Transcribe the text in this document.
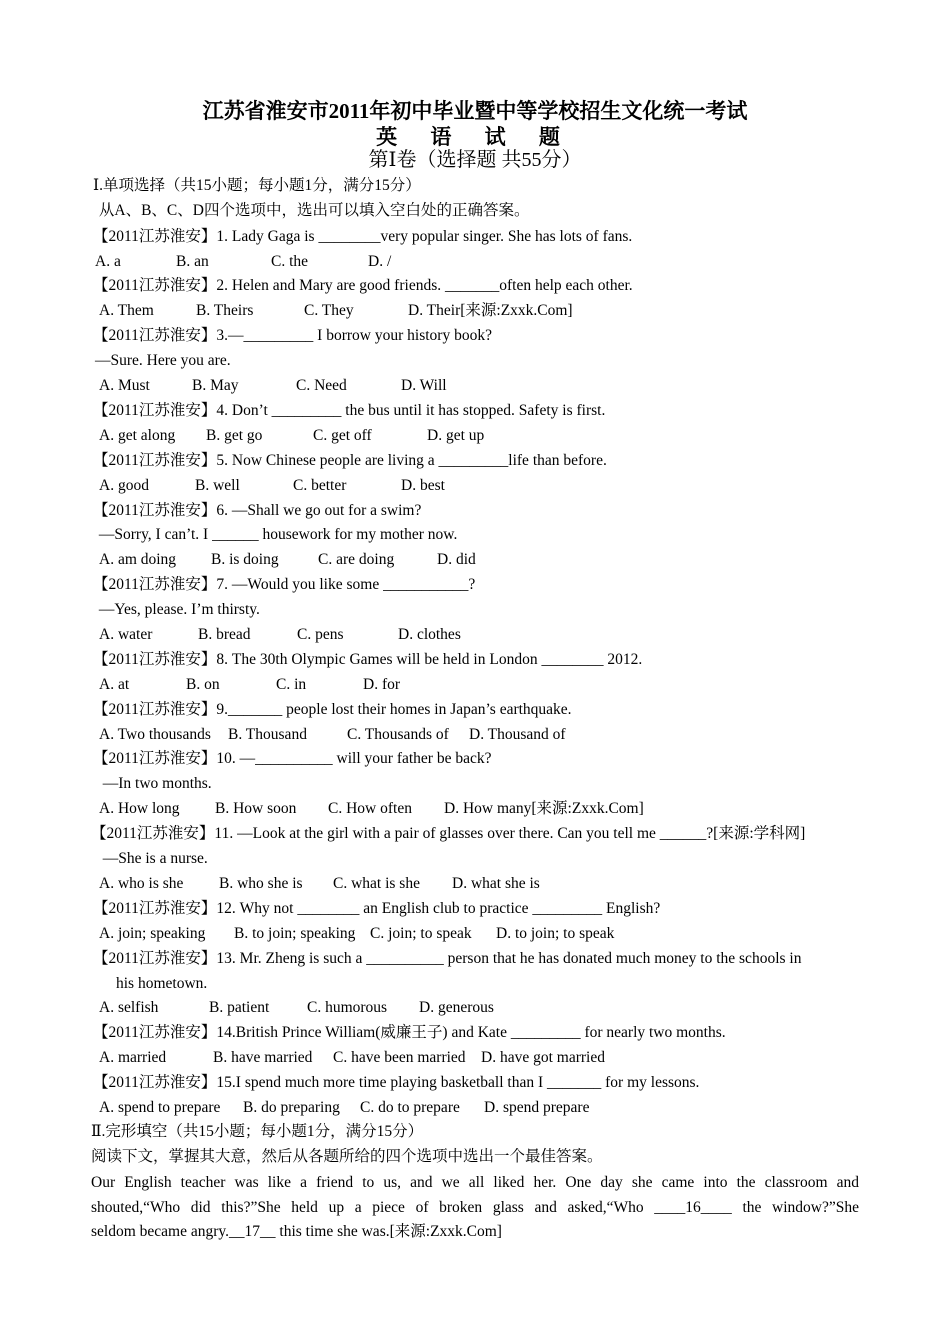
江苏省淮安市2011年初中毕业暨中等学校招生文化统一考试
英 语 试 题
第Ⅰ卷（选择题 共55分）
Ⅰ.单项选择（共15小题；每小题1分，满分15分）
从A、B、C、D四个选项中，选出可以填入空白处的正确答案。
【2011江苏淮安】1. Lady Gaga is ________very popular singer. She has lots of fans.
A. a	B. an	C. the	D. /
【2011江苏淮安】2. Helen and Mary are good friends. _______often help each other.
A. Them	B. Theirs	C. They	D. Their[来源:Zxxk.Com]
【2011江苏淮安】3.—_________ I borrow your history book?
—Sure. Here you are.
A. Must	B. May	C. Need	D. Will
【2011江苏淮安】4. Don’t _________ the bus until it has stopped. Safety is first.
A. get along B. get go	C. get off	D. get up
【2011江苏淮安】5. Now Chinese people are living a _________life than before.
A. good	B. well	C. better	D. best
【2011江苏淮安】6. —Shall we go out for a swim?
—Sorry, I can’t. I ______ housework for my mother now.
A. am doing B. is doing	C. are doing	D. did
【2011江苏淮安】7. —Would you like some ___________?
—Yes, please. I’m thirsty.
A. water	B. bread	C. pens	D. clothes
【2011江苏淮安】8. The 30th Olympic Games will be held in London ________ 2012.
A. at	B. on	C. in	D. for
【2011江苏淮安】9._______ people lost their homes in Japan’s earthquake.
A. Two thousands B. Thousand	C. Thousands of D. Thousand of
【2011江苏淮安】10. —__________ will your father be back?
—In two months.
A. How long B. How soon C. How often D. How many[来源:Zxxk.Com]
【2011江苏淮安】11. —Look at the girl with a pair of glasses over there. Can you tell me ______?[来源:学科网]
—She is a nurse.
A. who is she B. who she is C. what is she D. what she is
【2011江苏淮安】12. Why not ________ an English club to practice _________ English?
A. join; speaking B. to join; speaking C. join; to speak D. to join; to speak
【2011江苏淮安】13. Mr. Zheng is such a __________ person that he has donated much money to the schools in
his hometown.
A. selfish	B. patient C. humorous D. generous
【2011江苏淮安】14.British Prince William(威廉王子) and Kate _________ for nearly two months.
A. married	B. have married C. have been married D. have got married
【2011江苏淮安】15.I spend much more time playing basketball than I _______ for my lessons.
A. spend to prepare B. do preparing C. do to prepare D. spend prepare
Ⅱ.完形填空（共15小题；每小题1分，满分15分）
阅读下文，掌握其大意，然后从各题所给的四个选项中选出一个最佳答案。
Our English teacher was like a friend to us, and we all liked her. One day she came into the classroom and
shouted,“Who did this?”She held up a piece of broken glass and asked,“Who ____16____ the window?”She
seldom became angry.__17__ this time she was.[来源:Zxxk.Com]
